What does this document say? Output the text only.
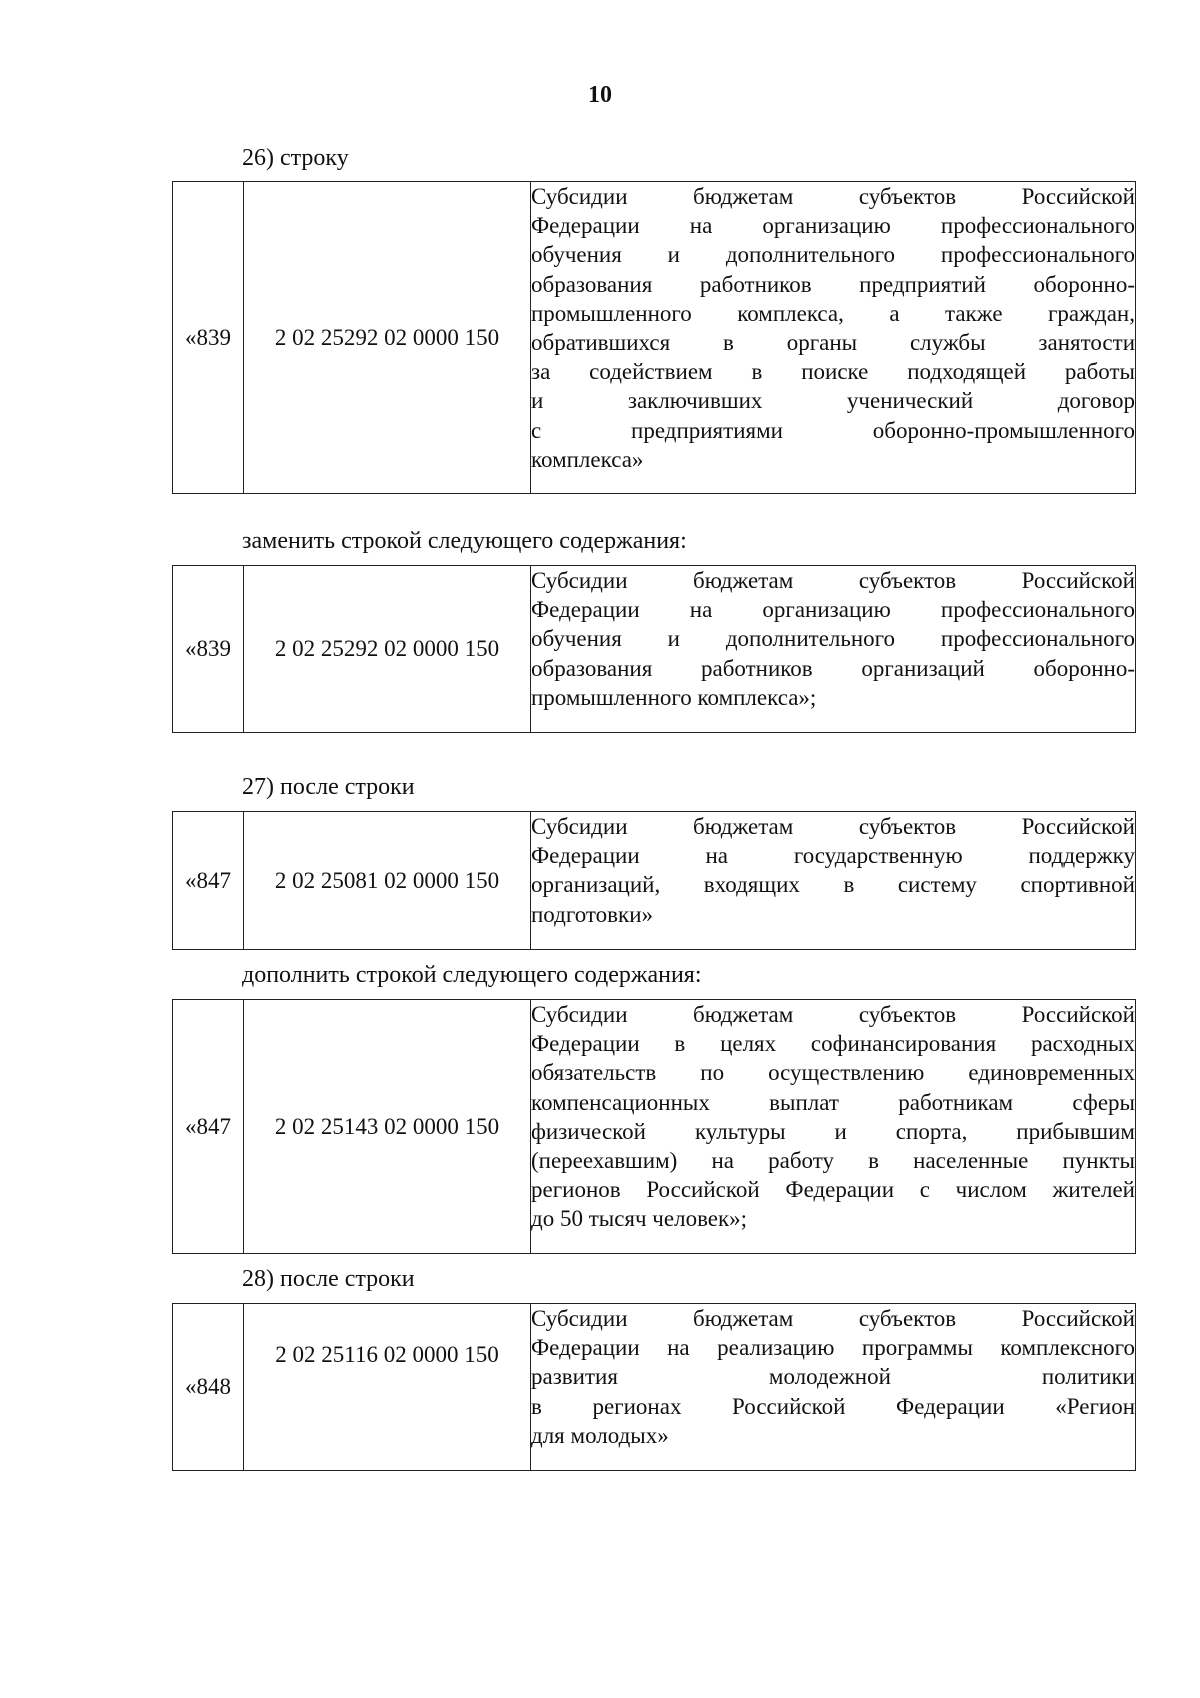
10
26) строку
«839	2 02 25292 02 0000 150	
Субсидии бюджетам субъектов Российской
Федерации на организацию профессионального
обучения и дополнительного профессионального
образования работников предприятий оборонно-
промышленного комплекса, а также граждан,
обратившихся в органы службы занятости
за содействием в поиске подходящей работы
и заключивших ученический договор
с предприятиями оборонно-промышленного
комплекса»
заменить строкой следующего содержания:
«839	2 02 25292 02 0000 150	
Субсидии бюджетам субъектов Российской
Федерации на организацию профессионального
обучения и дополнительного профессионального
образования работников организаций оборонно-
промышленного комплекса»;
27) после строки
«847	2 02 25081 02 0000 150	
Субсидии бюджетам субъектов Российской
Федерации на государственную поддержку
организаций, входящих в систему спортивной
подготовки»
дополнить строкой следующего содержания:
«847	2 02 25143 02 0000 150	
Субсидии бюджетам субъектов Российской
Федерации в целях софинансирования расходных
обязательств по осуществлению единовременных
компенсационных выплат работникам сферы
физической культуры и спорта, прибывшим
(переехавшим) на работу в населенные пункты
регионов Российской Федерации с числом жителей
до 50 тысяч человек»;
28) после строки
«848	2 02 25116 02 0000 150	
Субсидии бюджетам субъектов Российской
Федерации на реализацию программы комплексного
развития молодежной политики
в регионах Российской Федерации «Регион
для молодых»
